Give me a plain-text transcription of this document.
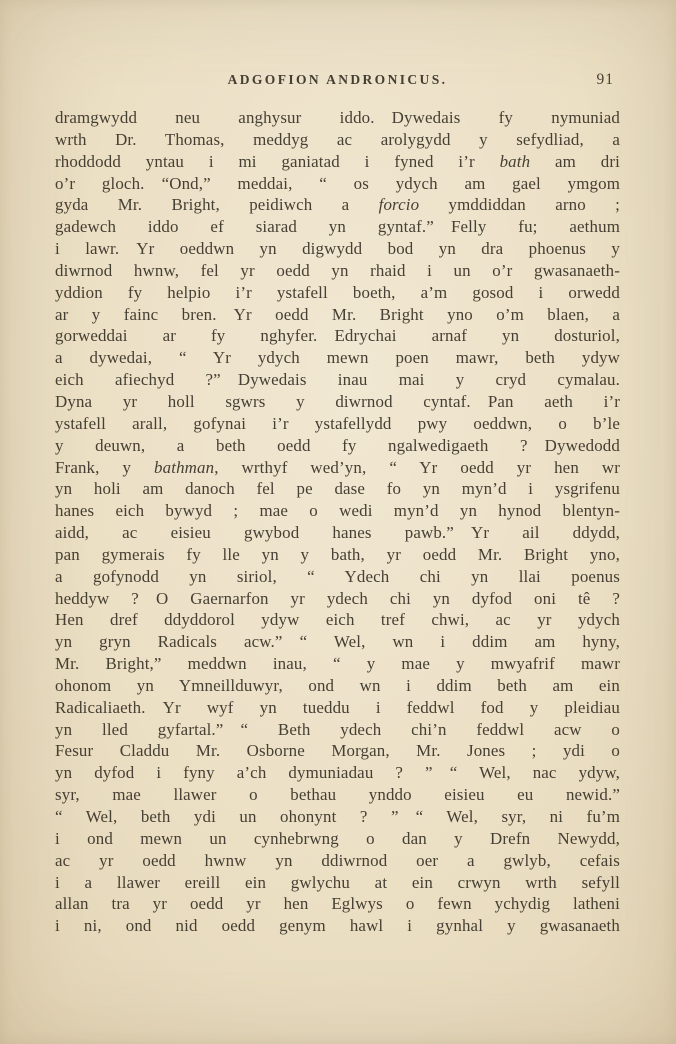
ADGOFION ANDRONICUS.	91
dramgwydd neu anghysur iddo. Dywedais fy nymuniad
wrth Dr. Thomas, meddyg ac arolygydd y sefydliad, a
rhoddodd yntau i mi ganiatad i fyned i’r bath am dri
o’r gloch. “Ond,” meddai, “ os ydych am gael ymgom
gyda Mr. Bright, peidiwch a forcio ymddiddan arno ;
gadewch iddo ef siarad yn gyntaf.” Felly fu; aethum
i lawr. Yr oeddwn yn digwydd bod yn dra phoenus y
diwrnod hwnw, fel yr oedd yn rhaid i un o’r gwasanaeth-
yddion fy helpio i’r ystafell boeth, a’m gosod i orwedd
ar y fainc bren. Yr oedd Mr. Bright yno o’m blaen, a
gorweddai ar fy nghyfer. Edrychai arnaf yn dosturiol,
a dywedai, “ Yr ydych mewn poen mawr, beth ydyw
eich afiechyd ?” Dywedais inau mai y cryd cymalau.
Dyna yr holl sgwrs y diwrnod cyntaf. Pan aeth i’r
ystafell arall, gofynai i’r ystafellydd pwy oeddwn, o b’le
y deuwn, a beth oedd fy ngalwedigaeth ? Dywedodd
Frank, y bathman, wrthyf wed’yn, “ Yr oedd yr hen wr
yn holi am danoch fel pe dase fo yn myn’d i ysgrifenu
hanes eich bywyd ; mae o wedi myn’d yn hynod blentyn-
aidd, ac eisieu gwybod hanes pawb.” Yr ail ddydd,
pan gymerais fy lle yn y bath, yr oedd Mr. Bright yno,
a gofynodd yn siriol, “ Ydech chi yn llai poenus
heddyw ? O Gaernarfon yr ydech chi yn dyfod oni tê ?
Hen dref ddyddorol ydyw eich tref chwi, ac yr ydych
yn gryn Radicals acw.” “ Wel, wn i ddim am hyny,
Mr. Bright,” meddwn inau, “ y mae y mwyafrif mawr
ohonom yn Ymneillduwyr, ond wn i ddim beth am ein
Radicaliaeth. Yr wyf yn tueddu i feddwl fod y pleidiau
yn lled gyfartal.” “ Beth ydech chi’n feddwl acw o
Fesur Claddu Mr. Osborne Morgan, Mr. Jones ; ydi o
yn dyfod i fyny a’ch dymuniadau ? ” “ Wel, nac ydyw,
syr, mae llawer o bethau ynddo eisieu eu newid.”
“ Wel, beth ydi un ohonynt ? ” “ Wel, syr, ni fu’m
i ond mewn un cynhebrwng o dan y Drefn Newydd,
ac yr oedd hwnw yn ddiwrnod oer a gwlyb, cefais
i a llawer ereill ein gwlychu at ein crwyn wrth sefyll
allan tra yr oedd yr hen Eglwys o fewn ychydig latheni
i ni, ond nid oedd genym hawl i gynhal y gwasanaeth
